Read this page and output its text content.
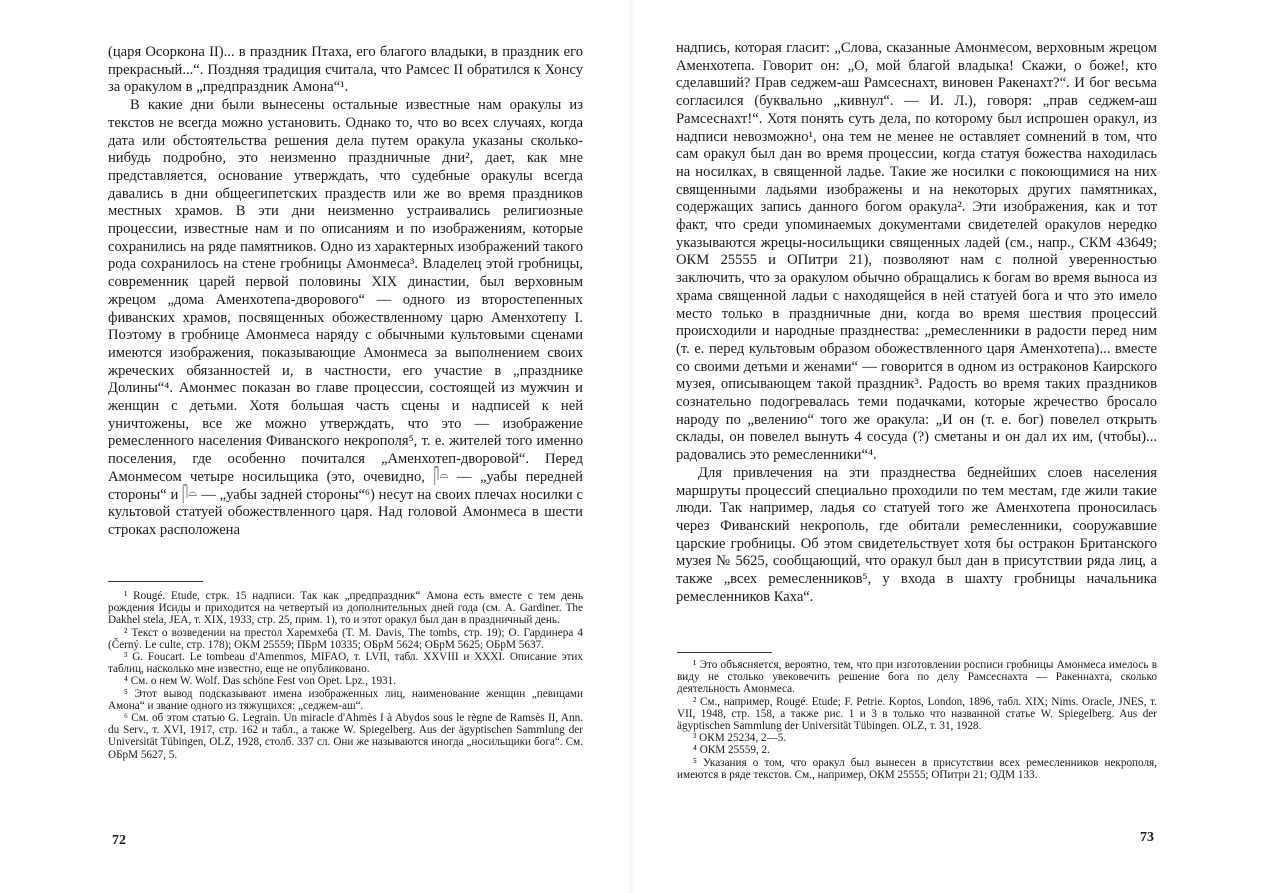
(царя Осоркона II)... в праздник Птаха, его благого владыки, в праздник его прекрасный...“. Поздняя традиция считала, что Рамсес II обратился к Хонсу за оракулом в „предпраздник Амона“¹.

В какие дни были вынесены остальные известные нам оракулы из текстов не всегда можно установить. Однако то, что во всех случаях, когда дата или обстоятельства решения дела путем оракула указаны сколько-нибудь подробно, это неизменно праздничные дни², дает, как мне представляется, основание утверждать, что судебные оракулы всегда давались в дни общеегипетских праздеств или же во время праздников местных храмов. В эти дни неизменно устраивались религиозные процессии, известные нам и по описаниям и по изображениям, которые сохранились на ряде памятников. Одно из характерных изображений такого рода сохранилось на стене гробницы Амонмеса³. Владелец этой гробницы, современник царей первой половины XIX династии, был верховным жрецом „дома Аменхотепа-дворового“ — одного из второстепенных фиванских храмов, посвященных обожествленному царю Аменхотепу I. Поэтому в гробнице Амонмеса наряду с обычными культовыми сценами имеются изображения, показывающие Амонмеса за выполнением своих жреческих обязанностей и, в частности, его участие в „празднике Долины“⁴. Амонмес показан во главе процессии, состоящей из мужчин и женщин с детьми. Хотя большая часть сцены и надписей к ней уничтожены, все же можно утверждать, что это — изображение ремесленного населения Фиванского некрополя⁵, т. е. жителей того именно поселения, где особенно почитался „Аменхотеп-дворовой“. Перед Амонмесом четыре носильщика (это, очевидно, 𓋴𓏏 — „уабы передней стороны“ и 𓋴𓏏 — „уабы задней стороны“⁶) несут на своих плечах носилки с культовой статуей обожествленного царя. Над головой Амонмеса в шести строках расположена

¹ Rougé. Etude, стрк. 15 надписи. Так как „предпраздник“ Амона есть вместе с тем день рождения Исиды и приходится на четвертый из дополнительных дней года (см. A. Gardiner. The Dakhel stela, JEA, т. XIX, 1933, стр. 25, прим. 1), то и этот оракул был дан в праздничный день.

² Текст о возведении на престол Харемхеба (T. M. Davis, The tombs, стр. 19); О. Гардинера 4 (Černý. Le culte, стр. 178); OKM 25559; ПБрМ 10335; ОБрМ 5624; ОБрМ 5625; ОБрМ 5637.

³ G. Foucart. Le tombeau d'Amenmos, MIFAO, т. LVII, табл. XXVIII и XXXI. Описание этих таблиц, насколько мне известно, еще не опубликовано.

⁴ См. о нем W. Wolf. Das schöne Fest von Opet. Lpz., 1931.

⁵ Этот вывод подсказывают имена изображенных лиц, наименование женщин „певицами Амона“ и звание одного из тяжущихся: „седжем-аш“.

⁶ См. об этом статью G. Legrain. Un miracle d'Ahmès I à Abydos sous le règne de Ramsès II, Ann. du Serv., т. XVI, 1917, стр. 162 и табл., а также W. Spiegelberg. Aus der ägyptischen Sammlung der Universität Tübingen, OLZ, 1928, столб. 337 сл. Они же называются иногда „носильщики бога“. См. ОБрМ 5627, 5.

72

надпись, которая гласит: „Слова, сказанные Амонмесом, верховным жрецом Аменхотепа. Говорит он: „О, мой благой владыка! Скажи, о боже!, кто сделавший? Прав седжем-аш Рамсеснахт, виновен Ракенахт?“. И бог весьма согласился (буквально „кивнул“. — И. Л.), говоря: „прав седжем-аш Рамсеснахт!“. Хотя понять суть дела, по которому был испрошен оракул, из надписи невозможно¹, она тем не менее не оставляет сомнений в том, что сам оракул был дан во время процессии, когда статуя божества находилась на носилках, в священной ладье. Такие же носилки с покоющимися на них священными ладьями изображены и на некоторых других памятниках, содержащих запись данного богом оракула². Эти изображения, как и тот факт, что среди упоминаемых документами свидетелей оракулов нередко указываются жрецы-носильщики священных ладей (см., напр., СКМ 43649; ОКМ 25555 и ОПитри 21), позволяют нам с полной уверенностью заключить, что за оракулом обычно обращались к богам во время выноса из храма священной ладьи с находящейся в ней статуей бога и что это имело место только в праздничные дни, когда во время шествия процессий происходили и народные празднества: „ремесленники в радости перед ним (т. е. перед культовым образом обожествленного царя Аменхотепа)... вместе со своими детьми и женами“ — говорится в одном из остраконов Каирского музея, описывающем такой праздник³. Радость во время таких праздников сознательно подогревалась теми подачками, которые жречество бросало народу по „велению“ того же оракула: „И он (т. е. бог) повелел открыть склады, он повелел вынуть 4 сосуда (?) сметаны и он дал их им, (чтобы)... радовались это ремесленники“⁴.

Для привлечения на эти празднества беднейших слоев населения маршруты процессий специально проходили по тем местам, где жили такие люди. Так например, ладья со статуей того же Аменхотепа проносилась через Фиванский некрополь, где обитали ремесленники, сооружавшие царские гробницы. Об этом свидетельствует хотя бы остракон Британского музея № 5625, сообщающий, что оракул был дан в присутствии ряда лиц, а также „всех ремесленников⁵, у входа в шахту гробницы начальника ремесленников Каха“.

¹ Это объясняется, вероятно, тем, что при изготовлении росписи гробницы Амонмеса имелось в виду не столько увековечить решение бога по делу Рамсеснахта — Ракеннахта, сколько деятельность Амонмеса.

² См., например, Rougé. Etude; F. Petrie. Koptos, London, 1896, табл. XIX; Nims. Oracle, JNES, т. VII, 1948, стр. 158, а также рис. 1 и 3 в только что названной статье W. Spiegelberg. Aus der ägyptischen Sammlung der Universität Tübingen. OLZ, т. 31, 1928.

³ ОКМ 25234, 2—5.

⁴ ОКМ 25559, 2.

⁵ Указания о том, что оракул был вынесен в присутствии всех ремесленников некрополя, имеются в ряде текстов. См., например, ОКМ 25555; ОПитри 21; ОДМ 133.

73
